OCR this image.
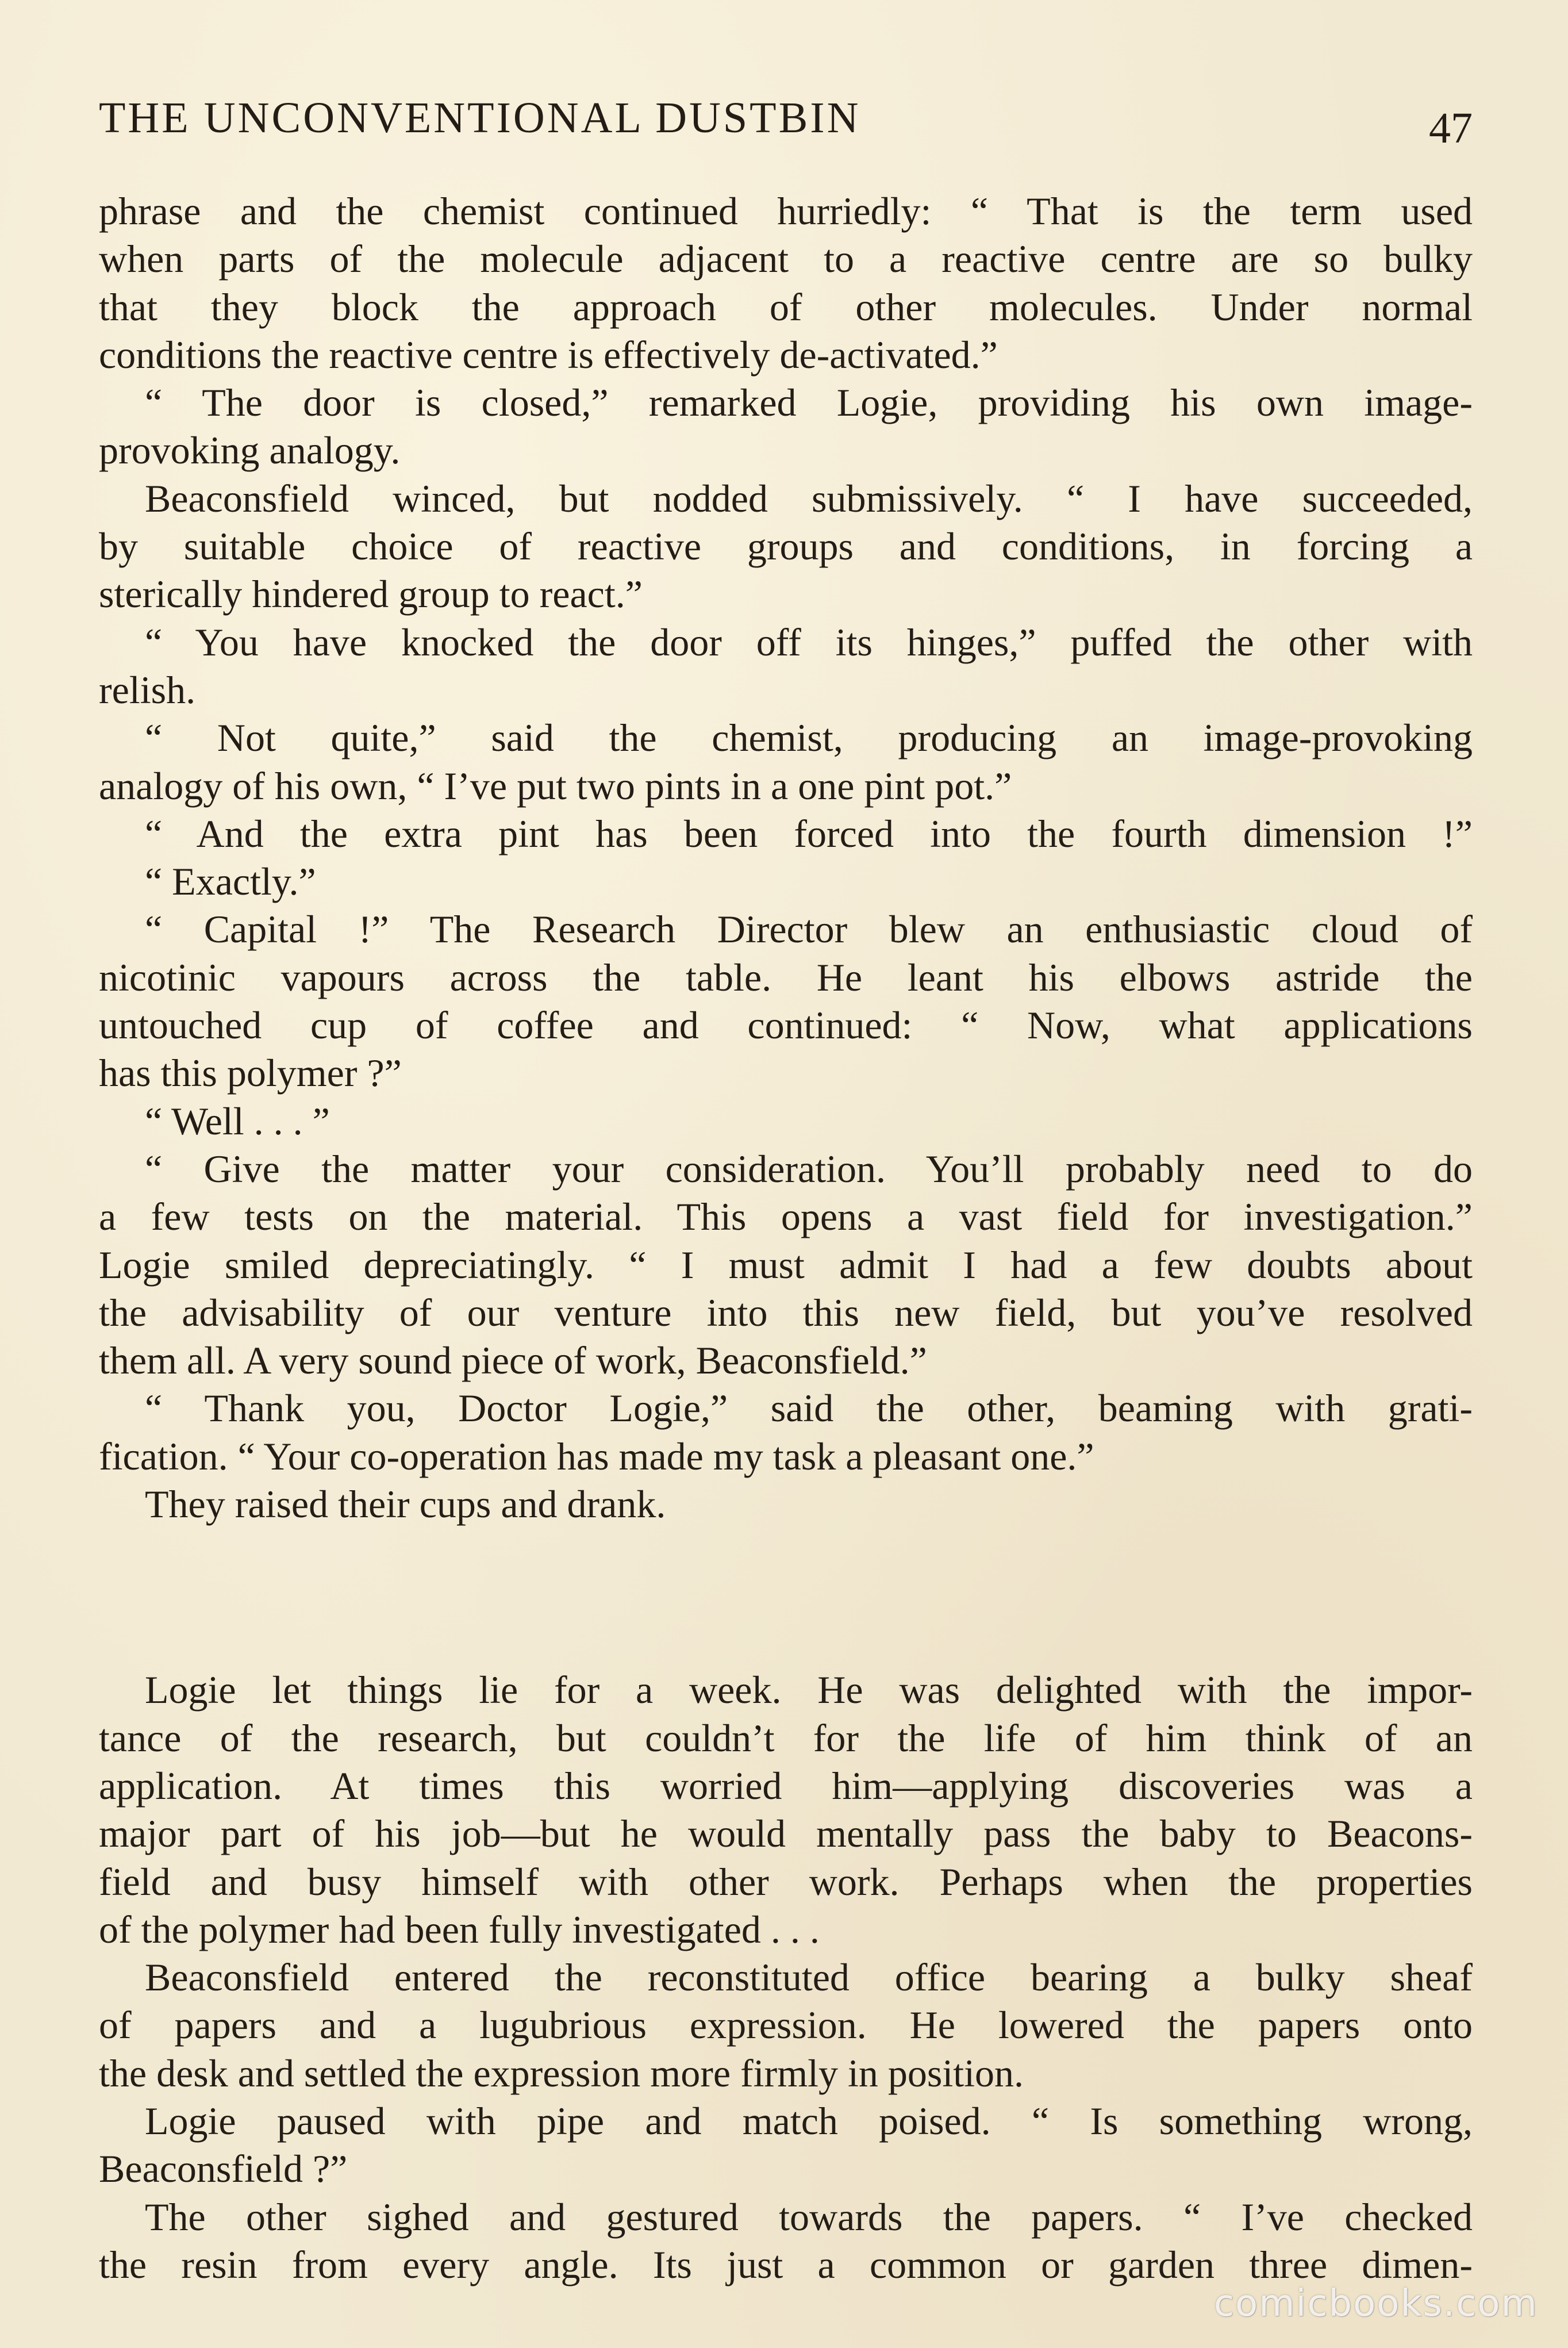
THE UNCONVENTIONAL DUSTBIN	47
phrase and the chemist continued hurriedly: “ That is the term used
when parts of the molecule adjacent to a reactive centre are so bulky
that they block the approach of other molecules. Under normal
conditions the reactive centre is effectively de-activated.”
“ The door is closed,” remarked Logie, providing his own image-
provoking analogy.
Beaconsfield winced, but nodded submissively. “ I have succeeded,
by suitable choice of reactive groups and conditions, in forcing a
sterically hindered group to react.”
“ You have knocked the door off its hinges,” puffed the other with
relish.
“ Not quite,” said the chemist, producing an image-provoking
analogy of his own, “ I’ve put two pints in a one pint pot.”
“ And the extra pint has been forced into the fourth dimension !”
“ Exactly.”
“ Capital !” The Research Director blew an enthusiastic cloud of
nicotinic vapours across the table. He leant his elbows astride the
untouched cup of coffee and continued: “ Now, what applications
has this polymer ?”
“ Well . . . ”
“ Give the matter your consideration. You’ll probably need to do
a few tests on the material. This opens a vast field for investigation.”
Logie smiled depreciatingly. “ I must admit I had a few doubts about
the advisability of our venture into this new field, but you’ve resolved
them all. A very sound piece of work, Beaconsfield.”
“ Thank you, Doctor Logie,” said the other, beaming with grati-
fication. “ Your co-operation has made my task a pleasant one.”
They raised their cups and drank.
Logie let things lie for a week. He was delighted with the impor-
tance of the research, but couldn’t for the life of him think of an
application. At times this worried him—applying discoveries was a
major part of his job—but he would mentally pass the baby to Beacons-
field and busy himself with other work. Perhaps when the properties
of the polymer had been fully investigated . . .
Beaconsfield entered the reconstituted office bearing a bulky sheaf
of papers and a lugubrious expression. He lowered the papers onto
the desk and settled the expression more firmly in position.
Logie paused with pipe and match poised. “ Is something wrong,
Beaconsfield ?”
The other sighed and gestured towards the papers. “ I’ve checked
the resin from every angle. Its just a common or garden three dimen-
comicbooks.com
